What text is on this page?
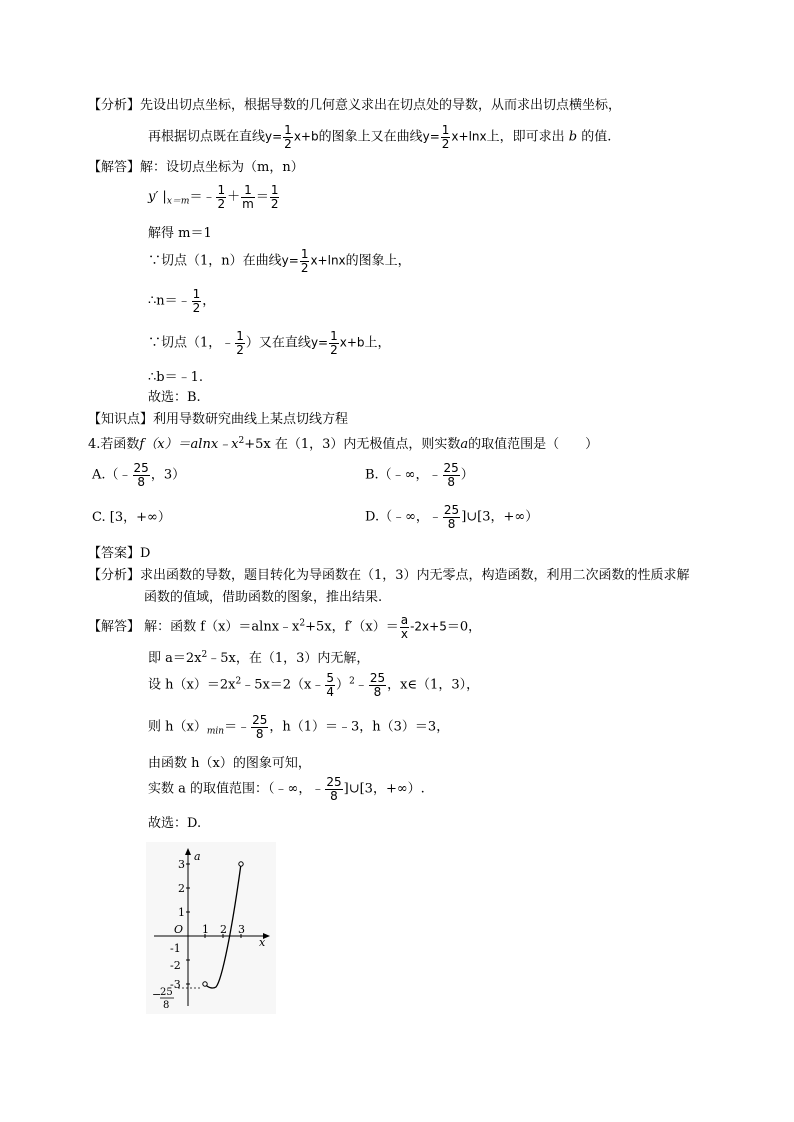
【分析】先设出切点坐标，根据导数的几何意义求出在切点处的导数，从而求出切点横坐标，
再根据切点既在直线$y= \frac{1}{2} x+b$的图象上又在曲线$y= \frac{1}{2} x+\ln x$上，即可求出 b 的值.
【解答】解：设切点坐标为（m，n）
y′ $|_{x=m}=﹣ \frac{1}{2} + \frac{1}{m} = \frac{1}{2}$
解得 m＝1
∵切点（1，n）在曲线$y= \frac{1}{2} x+\ln x$的图象上，
∴n＝﹣ $\frac{1}{2}$ ，
∵切点（1，﹣ $\frac{1}{2}$ ）又在直线$y= \frac{1}{2} x+b$上，
∴b＝﹣1.
故选：B.
【知识点】利用导数研究曲线上某点切线方程
4.若函数$f(x)=alnx﹣x^2+5x$ 在（1，3）内无极值点，则实数a的取值范围是（　　）
A.（﹣ $\frac{25}{8}$ ，3）	B.（﹣∞，﹣ $\frac{25}{8}$ ）
C. [3，+∞）	D.（﹣∞，﹣ $\frac{25}{8}$ ]∪[3，+∞）
【答案】D
【分析】求出函数的导数，题目转化为导函数在（1，3）内无零点，构造函数，利用二次函数的性质求解
函数的值域，借助函数的图象，推出结果.
【解答】 解：函数 $f(x)=alnx﹣x^2+5x$，$f'(x)= \frac{a}{x} -2x+5=0$，
即 $a=2x^2﹣5x$，在（1，3）内无解，
设 $h(x)=2x^2﹣5x=2(x﹣ \frac{5}{4}$ ）$^2$﹣ $\frac{25}{8}$ ，x∈（1，3），
则 $h(x)_{min}=﹣ \frac{25}{8}$ ，h（1）＝﹣3，h（3）＝3，
由函数 h（x）的图象可知，
实数 a 的取值范围：（﹣∞，﹣ $\frac{25}{8}$ ]∪[3，+∞）.
故选：D.
a
x
O 1 2 3
3
2
1
-1
-2
-3
−
25
8
